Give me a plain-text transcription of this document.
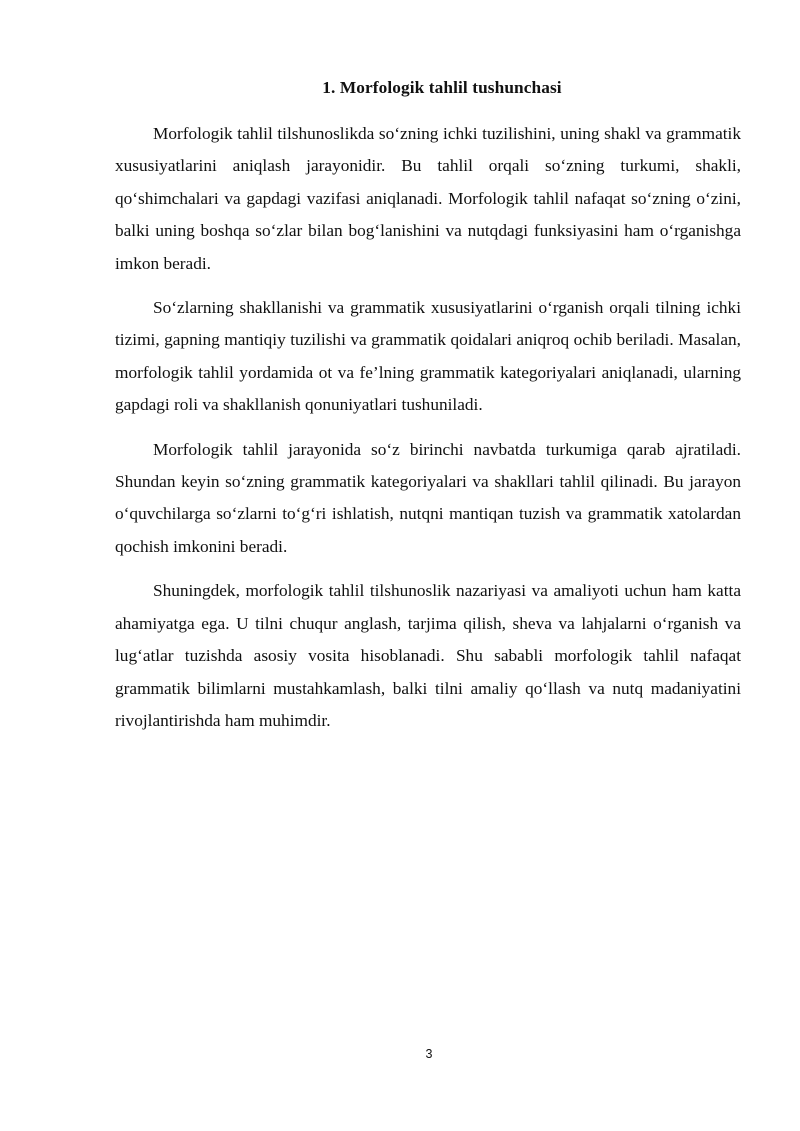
1. Morfologik tahlil tushunchasi

Morfologik tahlil tilshunoslikda so‘zning ichki tuzilishini, uning shakl va grammatik xususiyatlarini aniqlash jarayonidir. Bu tahlil orqali so‘zning turkumi, shakli, qo‘shimchalari va gapdagi vazifasi aniqlanadi. Morfologik tahlil nafaqat so‘zning o‘zini, balki uning boshqa so‘zlar bilan bog‘lanishini va nutqdagi funksiyasini ham o‘rganishga imkon beradi.

So‘zlarning shakllanishi va grammatik xususiyatlarini o‘rganish orqali tilning ichki tizimi, gapning mantiqiy tuzilishi va grammatik qoidalari aniqroq ochib beriladi. Masalan, morfologik tahlil yordamida ot va fe’lning grammatik kategoriyalari aniqlanadi, ularning gapdagi roli va shakllanish qonuniyatlari tushuniladi.

Morfologik tahlil jarayonida so‘z birinchi navbatda turkumiga qarab ajratiladi. Shundan keyin so‘zning grammatik kategoriyalari va shakllari tahlil qilinadi. Bu jarayon o‘quvchilarga so‘zlarni to‘g‘ri ishlatish, nutqni mantiqan tuzish va grammatik xatolardan qochish imkonini beradi.

Shuningdek, morfologik tahlil tilshunoslik nazariyasi va amaliyoti uchun ham katta ahamiyatga ega. U tilni chuqur anglash, tarjima qilish, sheva va lahjalarni o‘rganish va lug‘atlar tuzishda asosiy vosita hisoblanadi. Shu sababli morfologik tahlil nafaqat grammatik bilimlarni mustahkamlash, balki tilni amaliy qo‘llash va nutq madaniyatini rivojlantirishda ham muhimdir.

3
